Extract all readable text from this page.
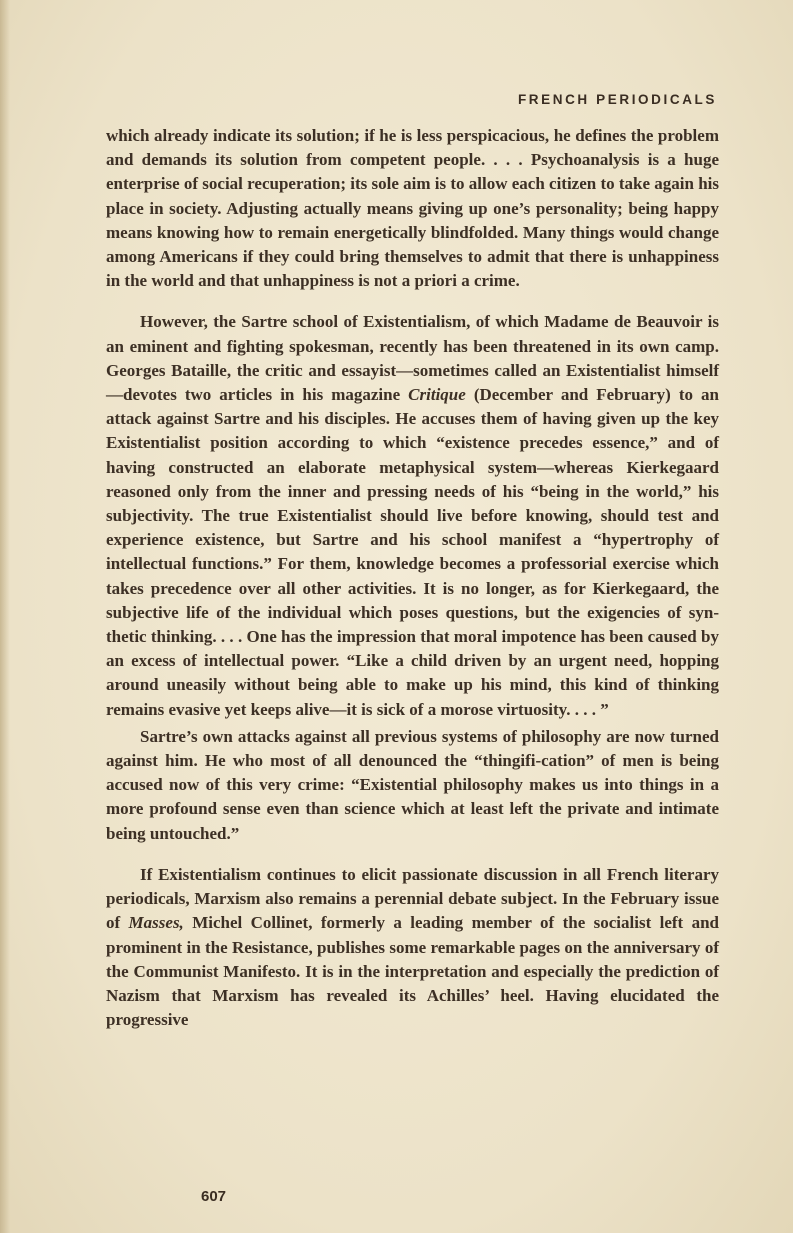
FRENCH PERIODICALS

which already indicate its solution; if he is less perspicacious, he defines the problem and demands its solution from competent people. . . . Psychoanalysis is a huge enterprise of social recuperation; its sole aim is to allow each citizen to take again his place in society. Adjusting actually means giving up one’s personality; being happy means knowing how to remain energetically blindfolded. Many things would change among Americans if they could bring themselves to admit that there is unhappiness in the world and that unhappiness is not a priori a crime.

However, the Sartre school of Existentialism, of which Madame de Beauvoir is an eminent and fighting spokesman, recently has been threatened in its own camp. Georges Bataille, the critic and essayist—sometimes called an Existentialist himself—devotes two articles in his magazine Critique (December and February) to an attack against Sartre and his disciples. He accuses them of having given up the key Existentialist position according to which “existence precedes essence,” and of having constructed an elaborate metaphysical system—whereas Kierkegaard reasoned only from the inner and pressing needs of his “being in the world,” his subjectivity. The true Existentialist should live before knowing, should test and experience existence, but Sartre and his school manifest a “hypertrophy of intellectual functions.” For them, knowledge becomes a professorial exercise which takes precedence over all other activities. It is no longer, as for Kierkegaard, the subjective life of the individual which poses questions, but the exigencies of syn-thetic thinking. . . . One has the impression that moral impotence has been caused by an excess of intellectual power. “Like a child driven by an urgent need, hopping around uneasily without being able to make up his mind, this kind of thinking remains evasive yet keeps alive—it is sick of a morose virtuosity. . . . ”

Sartre’s own attacks against all previous systems of philosophy are now turned against him. He who most of all denounced the “thingifi-cation” of men is being accused now of this very crime: “Existential philosophy makes us into things in a more profound sense even than science which at least left the private and intimate being untouched.”

If Existentialism continues to elicit passionate discussion in all French literary periodicals, Marxism also remains a perennial debate subject. In the February issue of Masses, Michel Collinet, formerly a leading member of the socialist left and prominent in the Resistance, publishes some remarkable pages on the anniversary of the Communist Manifesto. It is in the interpretation and especially the prediction of Nazism that Marxism has revealed its Achilles’ heel. Having elucidated the progressive

607
